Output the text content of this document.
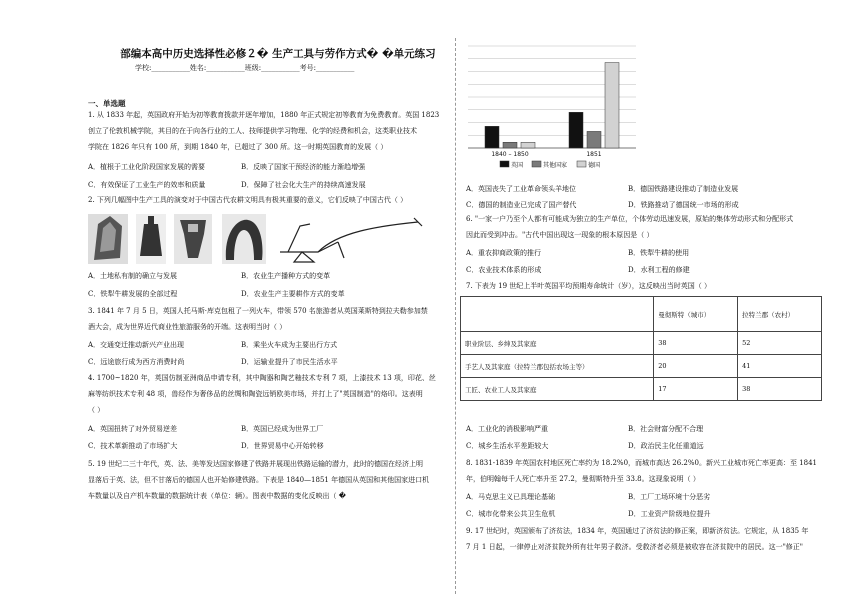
部编本高中历史选择性必修２� 生产工具与劳作方式� �单元练习
学校:___________姓名:___________班级:___________考号:___________
一、单选题
1. 从 1833 年起，英国政府开始为初等教育拨款并逐年增加，1880 年正式规定初等教育为免费教育。英国 1823
创立了伦敦机械学院，其目的在于向各行业的工人、技师提供学习物理、化学的经费和机会，这类职业技术
学院在 1826 年只有 100 所，到期 1840 年，已超过了 300 所。这一时期英国教育的发展（ ）
A．植根于工业化阶段国家发展的需要	B．反映了国家干预经济的能力渐趋增强
C．有效保证了工业生产的效率和质量	D．保障了社会化大生产的持续高速发展
2. 下列几幅图中生产工具的演变对于中国古代农耕文明具有极其重要的意义，它们反映了中国古代（ ）
A．土地私有制的确立与发展	B．农业生产播种方式的变革
C．铁犁牛耕发展的全部过程	D．农业生产主要耕作方式的变革
3. 1841 年 7 月 5 日，英国人托马斯·库克包租了一列火车，带领 570 名旅游者从英国莱斯特到拉夫勒参加禁
酒大会，成为世界近代商业性旅游服务的开端。这表明当时（ ）
A．交通变迁推动新兴产业出现	B．乘坐火车成为主要出行方式
C．远途旅行成为西方消费时尚	D．运输业提升了市民生活水平
4. 1700~1820 年，英国仿制亚洲商品申请专利，其中陶器和陶艺釉技术专利 7 项，上漆技术 13 项，印花、丝
麻等纺织技术专利 48 项，兽经作为奢侈品的丝绸和陶瓷远销欧美市场，并打上了"英国制造"的烙印。这表明
（ ）
A．英国扭转了对外贸易逆差	B．英国已经成为世界工厂
C．技术革新推动了市场扩大	D．世界贸易中心开始转移
5. 19 世纪二三十年代，英、法、美等发达国家修建了铁路并展现出铁路运输的潜力，此时的德国在经济上明
显落后于英、法，但不甘落后的德国人也开始修建铁路。下表是 1840—1851 年德国从英国和其他国家进口机
车数量以及自产机车数量的数据统计表（单位：辆）。图表中数据的变化反映出（ �
1840 – 1850	1851
英国	其他国家	德国
A．英国丧失了工业革命领头羊地位	B．德国铁路建设推动了制造业发展
C．德国的制造业已完成了国产替代	D．铁路推动了德国统一市场的形成
6. "一家一户乃至个人都有可能成为独立的生产单位，个体劳动迅速发展，原始的集体劳动形式和分配形式
因此而受到冲击。"古代中国出现这一现象的根本原因是（ ）
A．重农抑商政策的推行	B．铁犁牛耕的使用
C．农业技术体系的形成	D．水利工程的修建
7. 下表为 19 世纪上半叶英国平均预期寿命统计（岁），这反映出当时英国（ ）
	曼彻斯特（城市）	拉特兰郡（农村）
职业阶层、乡绅及其家庭	38	52
手艺人及其家庭（拉特兰郡包括农场主等）	20	41
工匠、农业工人及其家庭	17	38
A．工业化的消极影响严重	B．社会财富分配不合理
C．城乡生活水平差距较大	D．政治民主化任重道远
8. 1831-1839 年英国农村地区死亡率约为 18.2%0，而城市高达 26.2%0。新兴工业城市死亡率更高：至 1841
年，伯明翰每千人死亡率升至 27.2，曼彻斯特升至 33.8。这现象说明（ ）
A．马克思主义已具理论基础	B．工厂工场环境十分恶劣
C．城市化带来公共卫生危机	D．工业资产阶级地位提升
9. 17 世纪时，英国颁布了济贫法，1834 年，英国通过了济贫法的修正案，即新济贫法。它规定，从 1835 年
7 月 1 日起，一律停止对济贫院外所有壮年男子救济。受救济者必须是被收容在济贫院中的居民。这一"修正"
